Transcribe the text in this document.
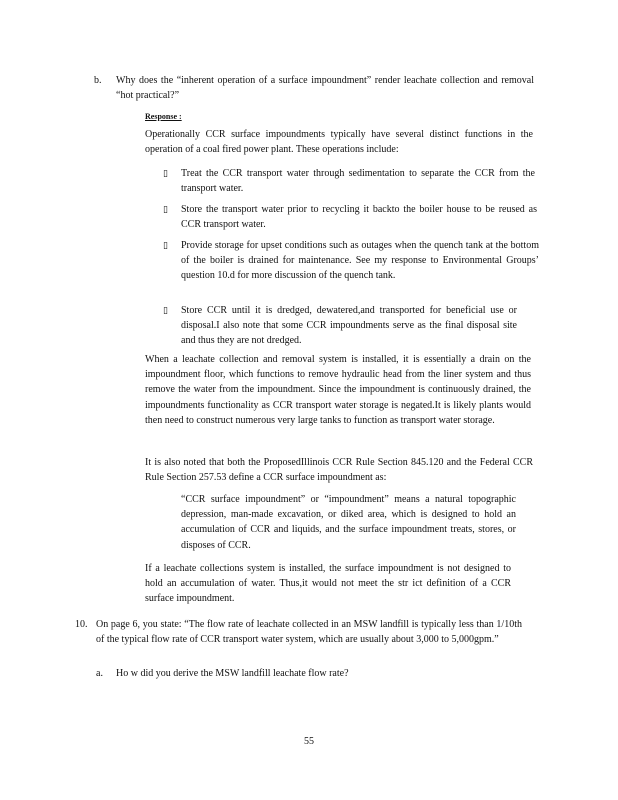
b. Why does the “inherent operation of a surface impoundment” render leachate collection and removal “hot practical?”
Response :
Operationally CCR surface impoundments typically have several distinct functions in the operation of a coal fired power plant. These operations include:
▯ Treat the CCR transport water through sedimentation to separate the CCR from the transport water.
▯ Store the transport water prior to recycling it backto the boiler house to be reused as CCR transport water.
▯ Provide storage for upset conditions such as outages when the quench tank at the bottom of the boiler is drained for maintenance. See my response to Environmental Groups’ question 10.d for more discussion of the quench tank.
▯ Store CCR until it is dredged, dewatered,and transported for beneficial use or disposal.I also note that some CCR impoundments serve as the final disposal site and thus they are not dredged.
When a leachate collection and removal system is installed, it is essentially a drain on the impoundment floor, which functions to remove hydraulic head from the liner system and thus remove the water from the impoundment. Since the impoundment is continuously drained, the impoundments functionality as CCR transport water storage is negated.It is likely plants would then need to construct numerous very large tanks to function as transport water storage.
It is also noted that both the ProposedIllinois CCR Rule Section 845.120 and the Federal CCR Rule Section 257.53 define a CCR surface impoundment as:
“CCR surface impoundment” or “impoundment” means a natural topographic depression, man-made excavation, or diked area, which is designed to hold an accumulation of CCR and liquids, and the surface impoundment treats, stores, or disposes of CCR.
If a leachate collections system is installed, the surface impoundment is not designed to hold an accumulation of water. Thus,it would not meet the str ict definition of a CCR surface impoundment.
10. On page 6, you state: “The flow rate of leachate collected in an MSW landfill is typically less than 1/10th of the typical flow rate of CCR transport water system, which are usually about 3,000 to 5,000gpm.”
a. Ho w did you derive the MSW landfill leachate flow rate?
55
